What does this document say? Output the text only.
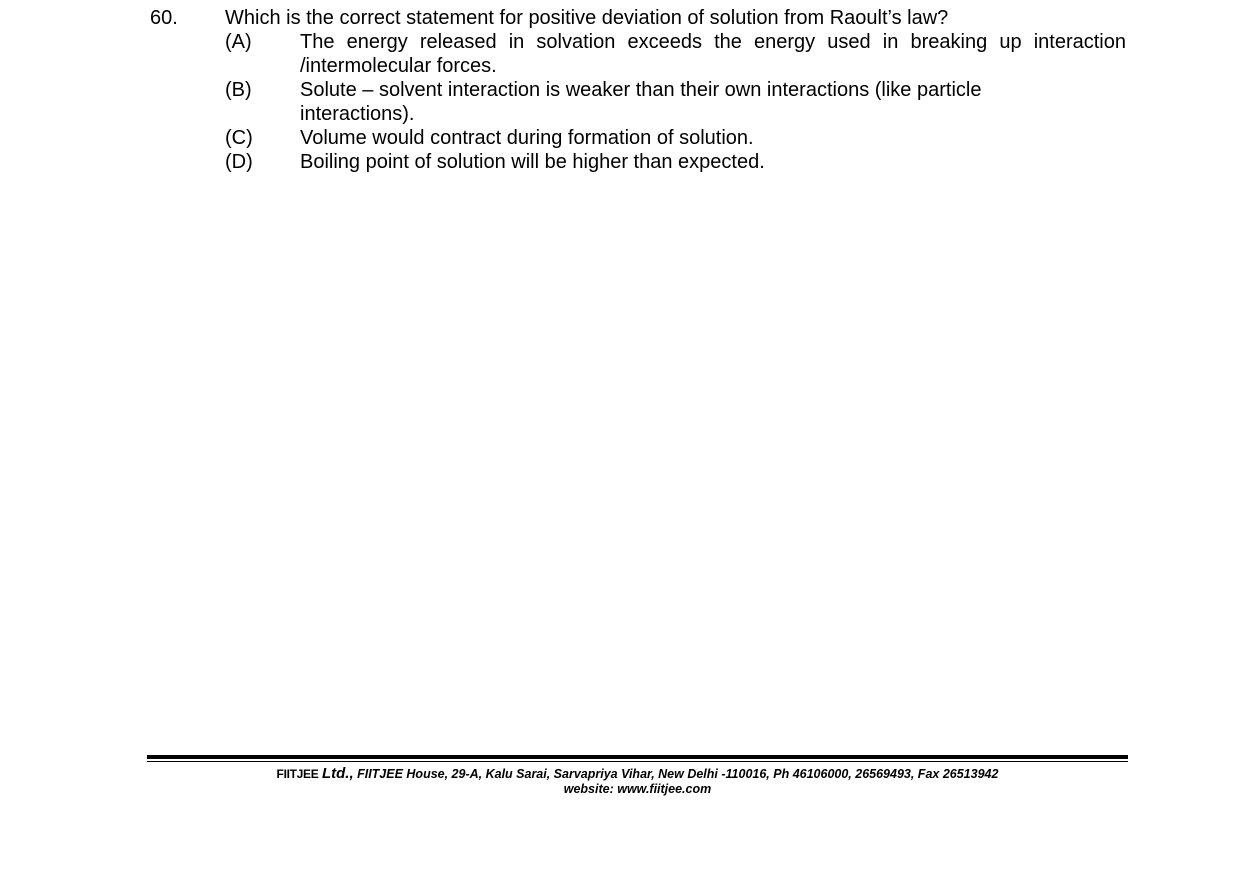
60.	Which is the correct statement for positive deviation of solution from Raoult’s law?
(A)	The energy released in solvation exceeds the energy used in breaking up interaction /intermolecular forces.
(B)	Solute – solvent interaction is weaker than their own interactions (like particle interactions).
(C)	Volume would contract during formation of solution.
(D)	Boiling point of solution will be higher than expected.
FIITJEE Ltd., FIITJEE House, 29-A, Kalu Sarai, Sarvapriya Vihar, New Delhi -110016, Ph 46106000, 26569493, Fax 26513942
website: www.fiitjee.com
